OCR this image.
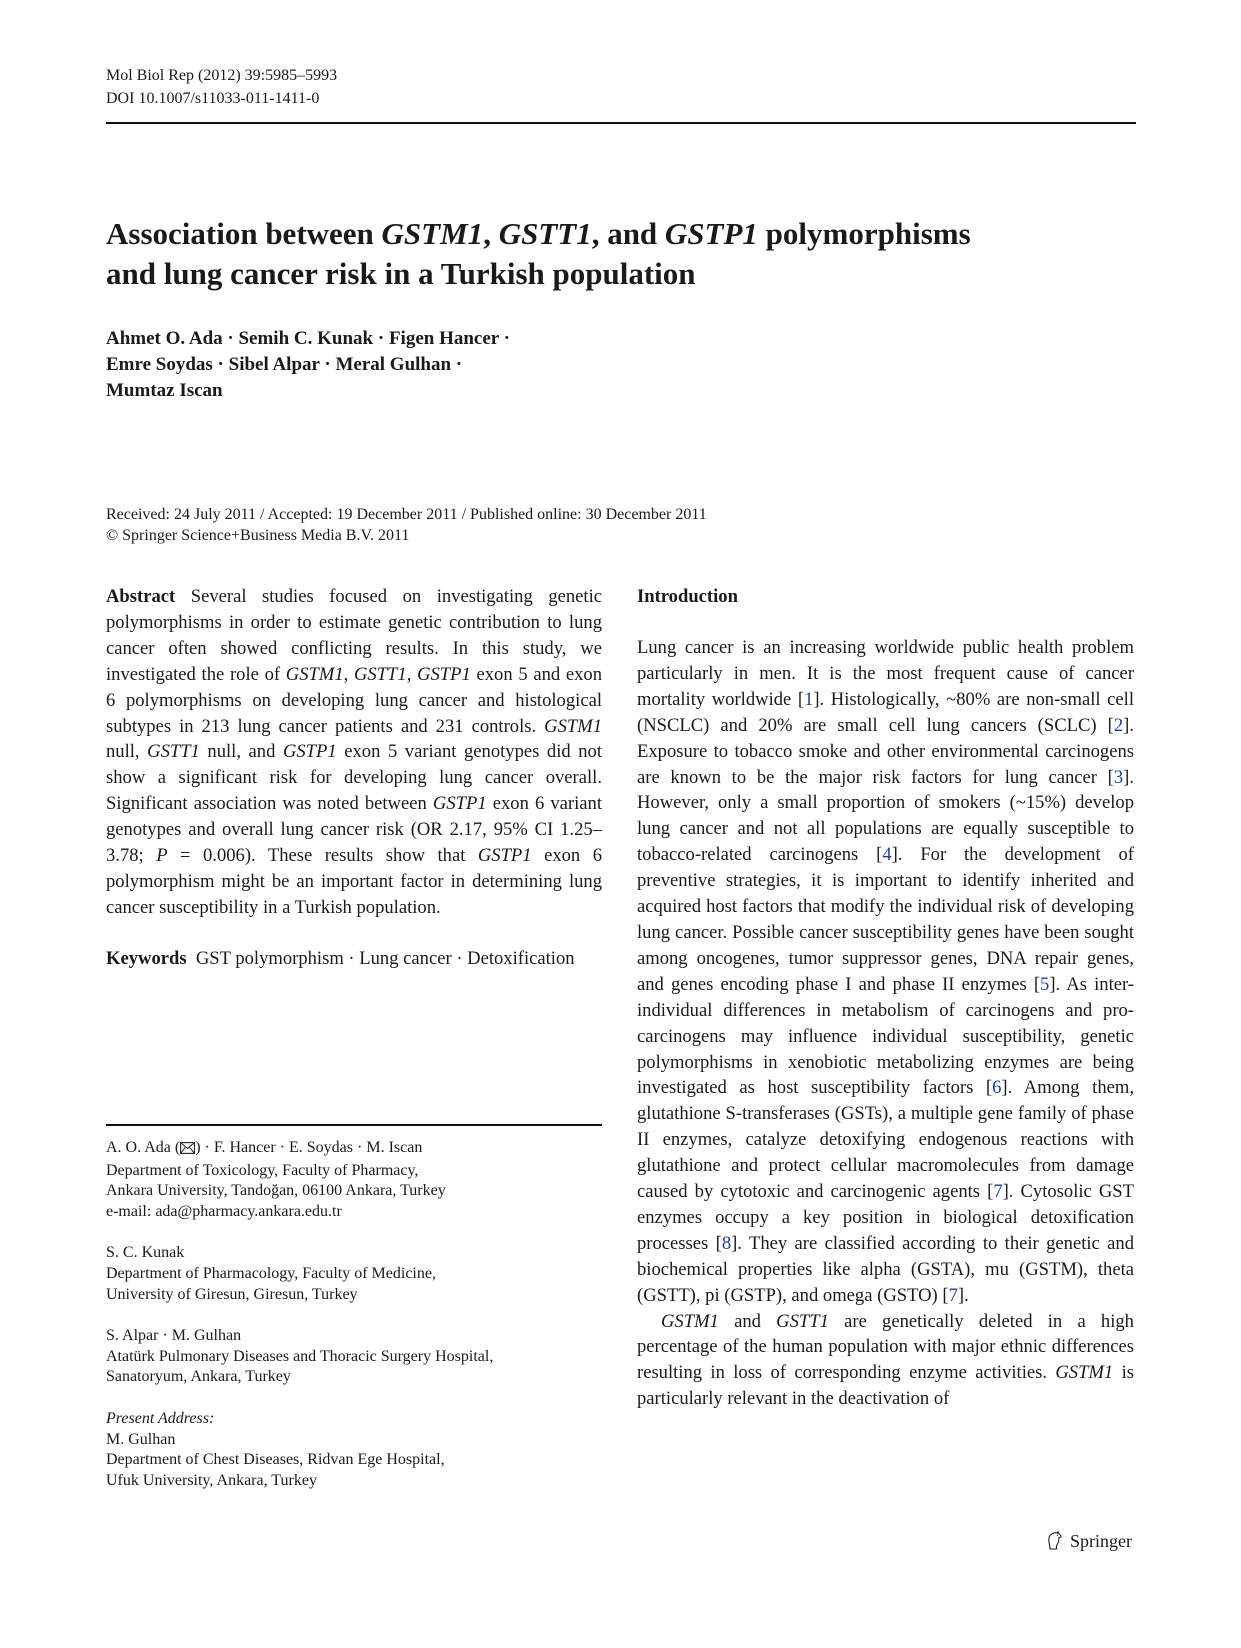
Mol Biol Rep (2012) 39:5985–5993
DOI 10.1007/s11033-011-1411-0
Association between GSTM1, GSTT1, and GSTP1 polymorphisms
and lung cancer risk in a Turkish population
Ahmet O. Ada · Semih C. Kunak · Figen Hancer ·
Emre Soydas · Sibel Alpar · Meral Gulhan ·
Mumtaz Iscan
Received: 24 July 2011 / Accepted: 19 December 2011 / Published online: 30 December 2011
© Springer Science+Business Media B.V. 2011

Abstract Several studies focused on investigating genetic polymorphisms in order to estimate genetic contribution to lung cancer often showed conflicting results. In this study, we investigated the role of GSTM1, GSTT1, GSTP1 exon 5 and exon 6 polymorphisms on developing lung cancer and histological subtypes in 213 lung cancer patients and 231 controls. GSTM1 null, GSTT1 null, and GSTP1 exon 5 variant genotypes did not show a significant risk for developing lung cancer overall. Significant association was noted between GSTP1 exon 6 variant genotypes and overall lung cancer risk (OR 2.17, 95% CI 1.25–3.78; P = 0.006). These results show that GSTP1 exon 6 polymorphism might be an important factor in determining lung cancer susceptibility in a Turkish population.

Keywords  GST polymorphism · Lung cancer · Detoxification

A. O. Ada ( ) · F. Hancer · E. Soydas · M. Iscan
Department of Toxicology, Faculty of Pharmacy,
Ankara University, Tandoğan, 06100 Ankara, Turkey
e-mail: ada@pharmacy.ankara.edu.tr
S. C. Kunak
Department of Pharmacology, Faculty of Medicine,
University of Giresun, Giresun, Turkey
S. Alpar · M. Gulhan
Atatürk Pulmonary Diseases and Thoracic Surgery Hospital,
Sanatoryum, Ankara, Turkey
Present Address:
M. Gulhan
Department of Chest Diseases, Ridvan Ege Hospital,
Ufuk University, Ankara, Turkey
Introduction

Lung cancer is an increasing worldwide public health problem particularly in men. It is the most frequent cause of cancer mortality worldwide [1]. Histologically, ~80% are non-small cell (NSCLC) and 20% are small cell lung cancers (SCLC) [2]. Exposure to tobacco smoke and other environmental carcinogens are known to be the major risk factors for lung cancer [3]. However, only a small proportion of smokers (~15%) develop lung cancer and not all populations are equally susceptible to tobacco-related carcinogens [4]. For the development of preventive strategies, it is important to identify inherited and acquired host factors that modify the individual risk of developing lung cancer. Possible cancer susceptibility genes have been sought among oncogenes, tumor suppressor genes, DNA repair genes, and genes encoding phase I and phase II enzymes [5]. As inter-individual differences in metabolism of carcinogens and pro-carcinogens may influence individual susceptibility, genetic polymorphisms in xenobiotic metabolizing enzymes are being investigated as host susceptibility factors [6]. Among them, glutathione S-transferases (GSTs), a multiple gene family of phase II enzymes, catalyze detoxifying endogenous reactions with glutathione and protect cellular macromolecules from damage caused by cytotoxic and carcinogenic agents [7]. Cytosolic GST enzymes occupy a key position in biological detoxification processes [8]. They are classified according to their genetic and biochemical properties like alpha (GSTA), mu (GSTM), theta (GSTT), pi (GSTP), and omega (GSTO) [7].

GSTM1 and GSTT1 are genetically deleted in a high percentage of the human population with major ethnic differences resulting in loss of corresponding enzyme activities. GSTM1 is particularly relevant in the deactivation of

Springer
